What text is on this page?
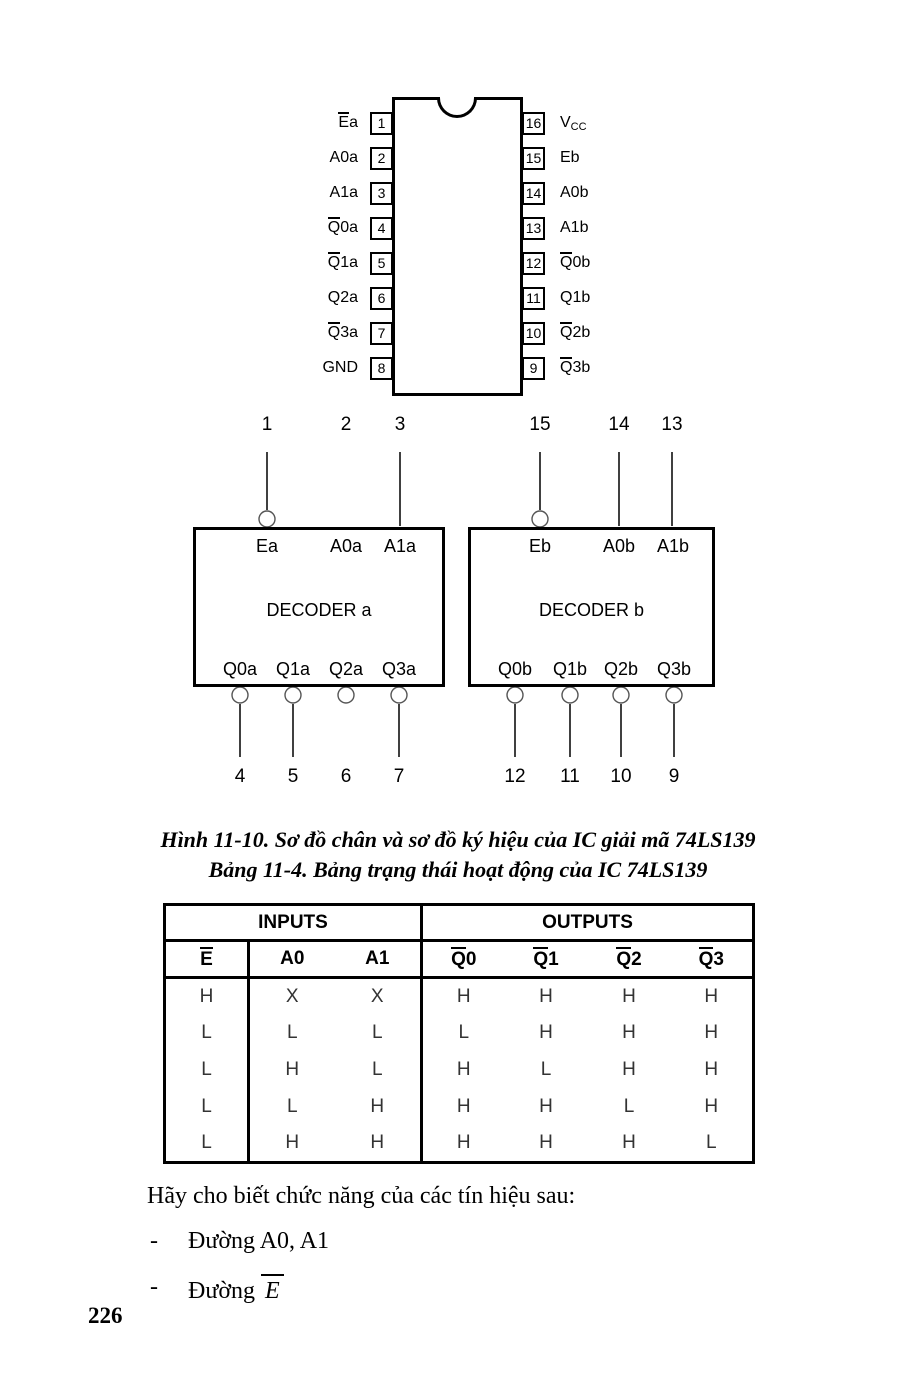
1
2
3
4
5
6
7
8
16
15
14
13
12
11
10
9
Ea
A0a
A1a
Q0a
Q1a
Q2a
Q3a
GND
$V_{CC}$
Eb
A0b
A1b
Q0b
Q1b
Q2b
Q3b
1	2	3	15	14	13
Ea	A0a	A1a
DECODER a
Q0a	Q1a	Q2a	Q3a
Eb	A0b	A1b
DECODER b
Q0b	Q1b Q2b	Q3b
4	5	6	7	12	11	10	9
Hình 11-10. Sơ đồ chân và sơ đồ ký hiệu của IC giải mã 74LS139
Bảng 11-4. Bảng trạng thái hoạt động của IC 74LS139
INPUTS			OUTPUTS			
E	A0	A1	Q0	Q1	Q2	Q3
H	X	X	H	H	H	H
L	L	L	L	H	H	H
L	H	L	H	L	H	H
L	L	H	H	H	L	H
L	H	H	H	H	H	L
Hãy cho biết chức năng của các tín hiệu sau:
-	Đường A0, A1
-	Đường E
226
